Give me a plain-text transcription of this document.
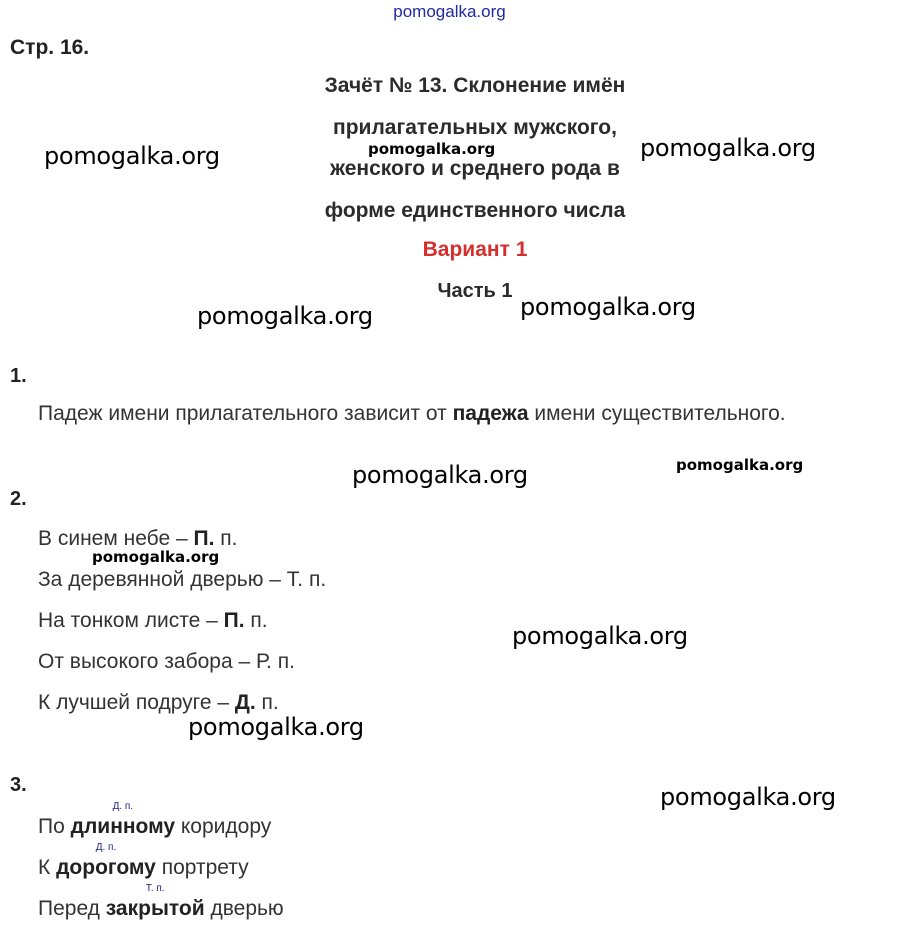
pomogalka.org
Стр. 16.
Зачёт № 13. Склонение имён
прилагательных мужского,
женского и среднего рода в
форме единственного числа
Вариант 1
Часть 1
pomogalka.org	pomogalka.org	pomogalka.org
pomogalka.org	pomogalka.org
pomogalka.org	pomogalka.org
pomogalka.org
pomogalka.org
pomogalka.org
pomogalka.org
1.
Падеж имени прилагательного зависит от падежа имени существительного.
2.
В синем небе – П. п.
За деревянной дверью – Т. п.
На тонком листе – П. п.
От высокого забора – Р. п.
К лучшей подруге – Д. п.
3.
По
Д. п.
длинному коридору
К
Д. п.
дорогому портрету
Перед
Т. п.
закрытой дверью
